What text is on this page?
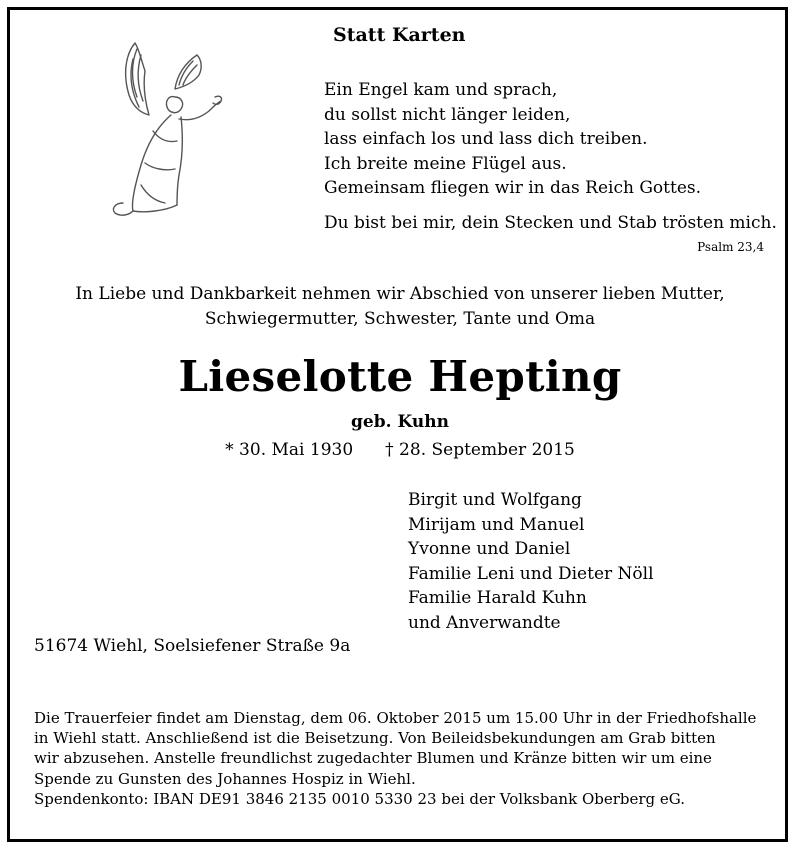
Statt Karten
Ein Engel kam und sprach,
du sollst nicht länger leiden,
lass einfach los und lass dich treiben.
Ich breite meine Flügel aus.
Gemeinsam fliegen wir in das Reich Gottes.
Du bist bei mir, dein Stecken und Stab trösten mich.
Psalm 23,4
In Liebe und Dankbarkeit nehmen wir Abschied von unserer lieben Mutter,
Schwiegermutter, Schwester, Tante und Oma
Lieselotte Hepting
geb. Kuhn
* 30. Mai 1930 † 28. September 2015
Birgit und Wolfgang
Mirijam und Manuel
Yvonne und Daniel
Familie Leni und Dieter Nöll
Familie Harald Kuhn
und Anverwandte
51674 Wiehl, Soelsiefener Straße 9a
Die Trauerfeier findet am Dienstag, dem 06. Oktober 2015 um 15.00 Uhr in der Friedhofshalle
in Wiehl statt. Anschließend ist die Beisetzung. Von Beileidsbekundungen am Grab bitten
wir abzusehen. Anstelle freundlichst zugedachter Blumen und Kränze bitten wir um eine
Spende zu Gunsten des Johannes Hospiz in Wiehl.
Spendenkonto: IBAN DE91 3846 2135 0010 5330 23 bei der Volksbank Oberberg eG.
